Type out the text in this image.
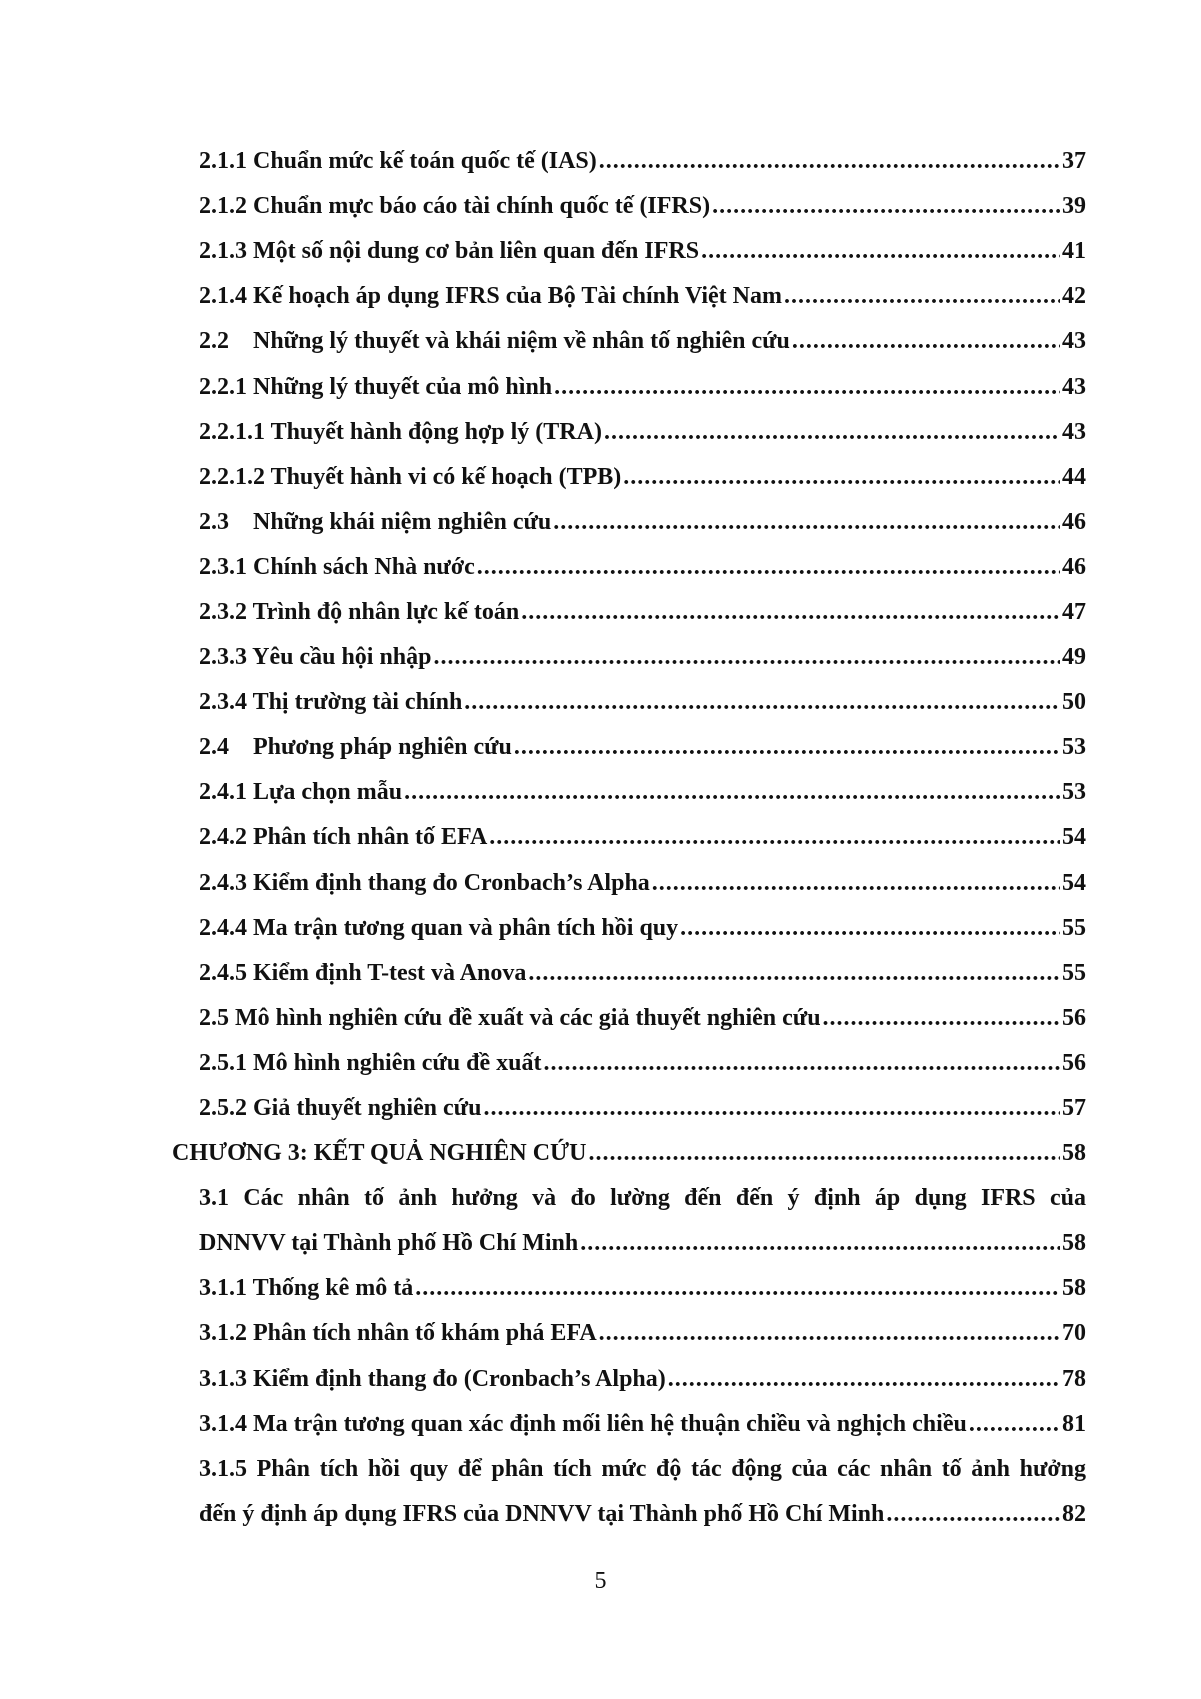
2.1.1 Chuẩn mức kế toán quốc tế (IAS) .....	37
2.1.2 Chuẩn mực báo cáo tài chính quốc tế (IFRS) .....	39
2.1.3 Một số nội dung cơ bản liên quan đến IFRS .....	41
2.1.4 Kế hoạch áp dụng IFRS của Bộ Tài chính Việt Nam .....	42
2.2    Những lý thuyết và khái niệm về nhân tố nghiên cứu .....	43
2.2.1 Những lý thuyết của mô hình .....	43
2.2.1.1 Thuyết hành động hợp lý (TRA) .....	43
2.2.1.2 Thuyết hành vi có kế hoạch (TPB) .....	44
2.3    Những khái niệm nghiên cứu .....	46
2.3.1 Chính sách Nhà nước .....	46
2.3.2 Trình độ nhân lực kế toán .....	47
2.3.3 Yêu cầu hội nhập .....	49
2.3.4 Thị trường tài chính .....	50
2.4    Phương pháp nghiên cứu .....	53
2.4.1 Lựa chọn mẫu .....	53
2.4.2 Phân tích nhân tố EFA .....	54
2.4.3 Kiểm định thang đo Cronbach’s Alpha .....	54
2.4.4 Ma trận tương quan và phân tích hồi quy .....	55
2.4.5 Kiểm định T-test và Anova .....	55
2.5 Mô hình nghiên cứu đề xuất và các giả thuyết nghiên cứu .....	56
2.5.1 Mô hình nghiên cứu đề xuất .....	56
2.5.2 Giả thuyết nghiên cứu .....	57
CHƯƠNG 3: KẾT QUẢ NGHIÊN CỨU .....	58
3.1 Các nhân tố ảnh hưởng và đo lường đến đến ý định áp dụng IFRS của
DNNVV tại Thành phố Hồ Chí Minh .....	58
3.1.1 Thống kê mô tả .....	58
3.1.2 Phân tích nhân tố khám phá EFA .....	70
3.1.3 Kiểm định thang đo (Cronbach’s Alpha) .....	78
3.1.4 Ma trận tương quan xác định mối liên hệ thuận chiều và nghịch chiều .....	81
3.1.5 Phân tích hồi quy để phân tích mức độ tác động của các nhân tố ảnh hưởng
đến ý định áp dụng IFRS của DNNVV tại Thành phố Hồ Chí Minh .....	82
5
